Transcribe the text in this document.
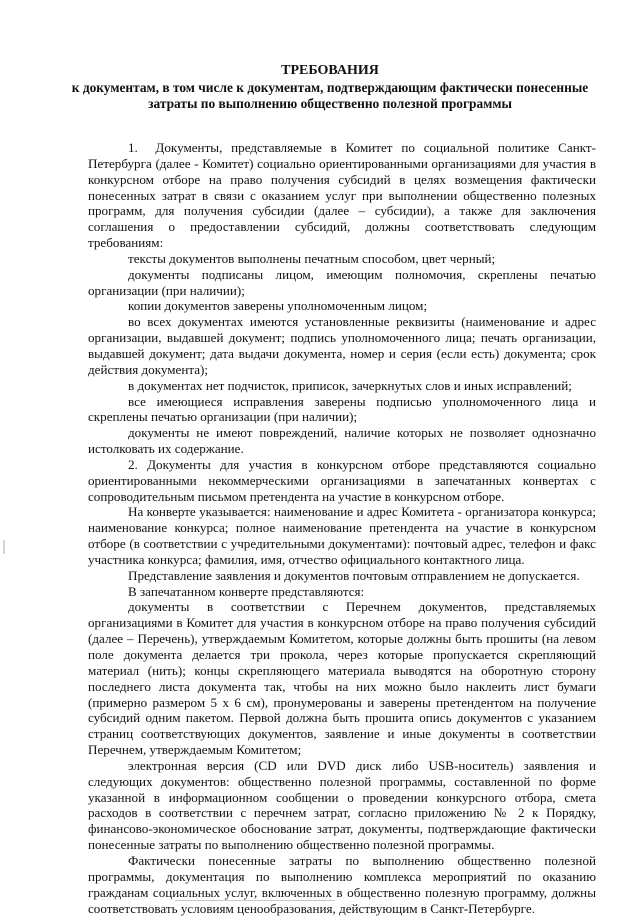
ТРЕБОВАНИЯ
к документам, в том числе к документам, подтверждающим фактически понесенные
затраты по выполнению общественно полезной программы

1.  Документы, представляемые в Комитет по социальной политике Санкт-Петербурга (далее - Комитет) социально ориентированными организациями для участия в конкурсном отборе на право получения субсидий в целях возмещения фактически понесенных затрат в связи с оказанием услуг при выполнении общественно полезных программ, для получения субсидии (далее – субсидии), а также для заключения соглашения о предоставлении субсидий, должны соответствовать следующим требованиям:

тексты документов выполнены печатным способом, цвет черный;

документы подписаны лицом, имеющим полномочия, скреплены печатью организации (при наличии);

копии документов заверены уполномоченным лицом;

во всех документах имеются установленные реквизиты (наименование и адрес организации, выдавшей документ; подпись уполномоченного лица; печать организации, выдавшей документ; дата выдачи документа, номер и серия (если есть) документа; срок действия документа);

в документах нет подчисток, приписок, зачеркнутых слов и иных исправлений;

все имеющиеся исправления заверены подписью уполномоченного лица и скреплены печатью организации (при наличии);

документы не имеют повреждений, наличие которых не позволяет однозначно истолковать их содержание.

2. Документы для участия в конкурсном отборе представляются социально ориентированными некоммерческими организациями в запечатанных конвертах с сопроводительным письмом претендента на участие в конкурсном отборе.

На конверте указывается: наименование и адрес Комитета - организатора конкурса; наименование конкурса; полное наименование претендента на участие в конкурсном отборе (в соответствии с учредительными документами): почтовый адрес, телефон и факс участника конкурса; фамилия, имя, отчество официального контактного лица.

Представление заявления и документов почтовым отправлением не допускается.

В запечатанном конверте представляются:

документы в соответствии с Перечнем документов, представляемых организациями в Комитет для участия в конкурсном отборе на право получения субсидий (далее – Перечень), утверждаемым Комитетом, которые должны быть прошиты (на левом поле документа делается три прокола, через которые пропускается скрепляющий материал (нить); концы скрепляющего материала выводятся на оборотную сторону последнего листа документа так, чтобы на них можно было наклеить лист бумаги (примерно размером 5 х 6 см), пронумерованы и заверены претендентом на получение субсидий одним пакетом. Первой должна быть прошита опись документов с указанием страниц соответствующих документов, заявление и иные документы в соответствии Перечнем, утверждаемым Комитетом;

электронная версия (CD или DVD диск либо USB-носитель) заявления и следующих документов: общественно полезной программы, составленной по форме указанной в информационном сообщении о проведении конкурсного отбора, смета расходов в соответствии с перечнем затрат, согласно приложению № 2 к Порядку, финансово-экономическое обоснование затрат, документы, подтверждающие фактически понесенные затраты по выполнению общественно полезной программы.

Фактически понесенные затраты по выполнению общественно полезной программы, документация по выполнению комплекса мероприятий по оказанию гражданам социальных услуг, включенных в общественно полезную программу, должны соответствовать условиям ценообразования, действующим в Санкт-Петербурге.
